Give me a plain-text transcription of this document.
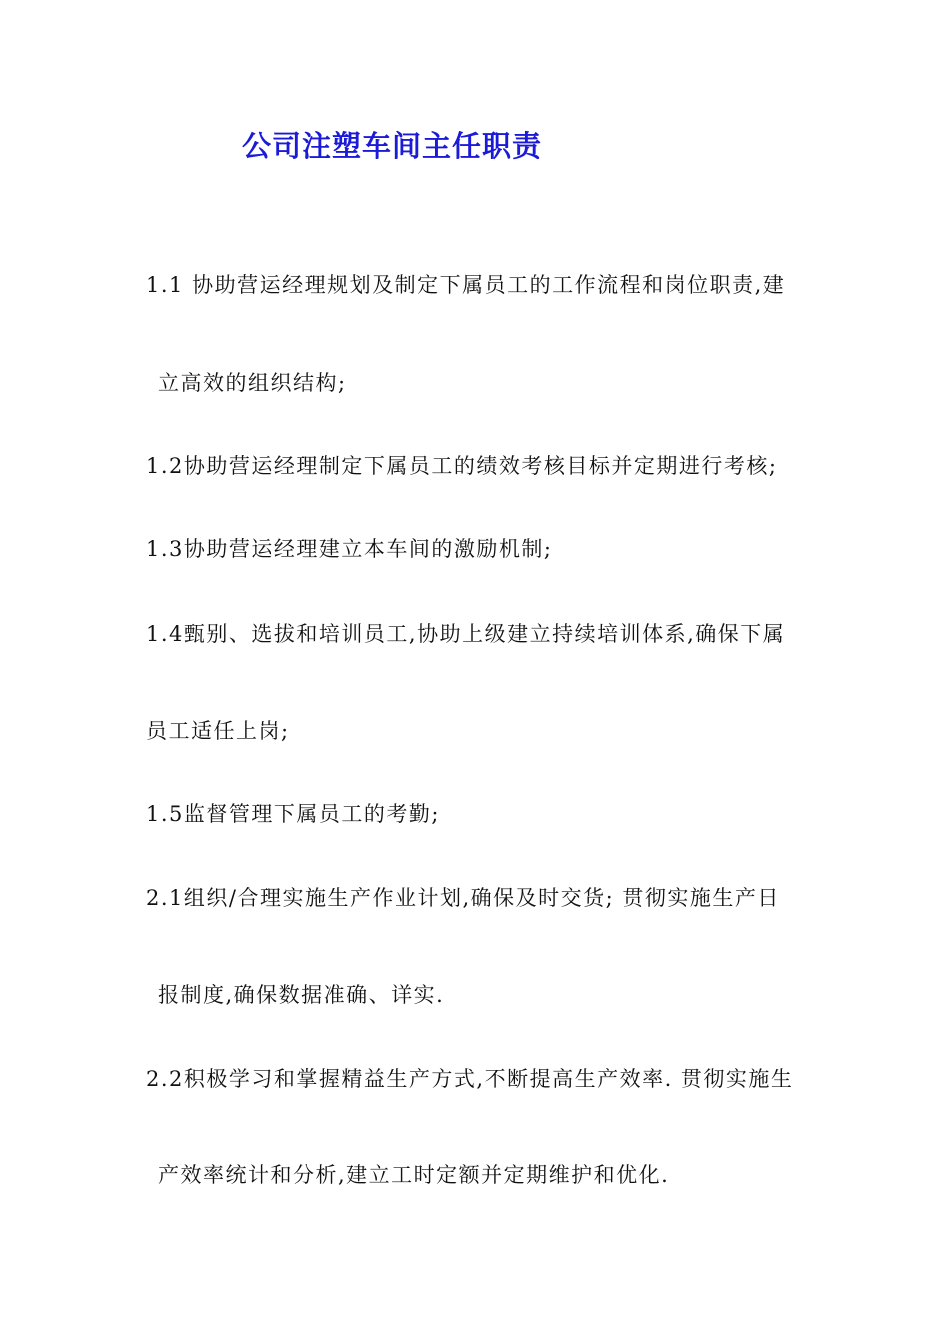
公司注塑车间主任职责
1.1 协助营运经理规划及制定下属员工的工作流程和岗位职责,建
立高效的组织结构;
1.2协助营运经理制定下属员工的绩效考核目标并定期进行考核;
1.3协助营运经理建立本车间的激励机制;
1.4甄别、选拔和培训员工,协助上级建立持续培训体系,确保下属
员工适任上岗;
1.5监督管理下属员工的考勤;
2.1组织/合理实施生产作业计划,确保及时交货; 贯彻实施生产日
报制度,确保数据准确、详实.
2.2积极学习和掌握精益生产方式,不断提高生产效率. 贯彻实施生
产效率统计和分析,建立工时定额并定期维护和优化.
